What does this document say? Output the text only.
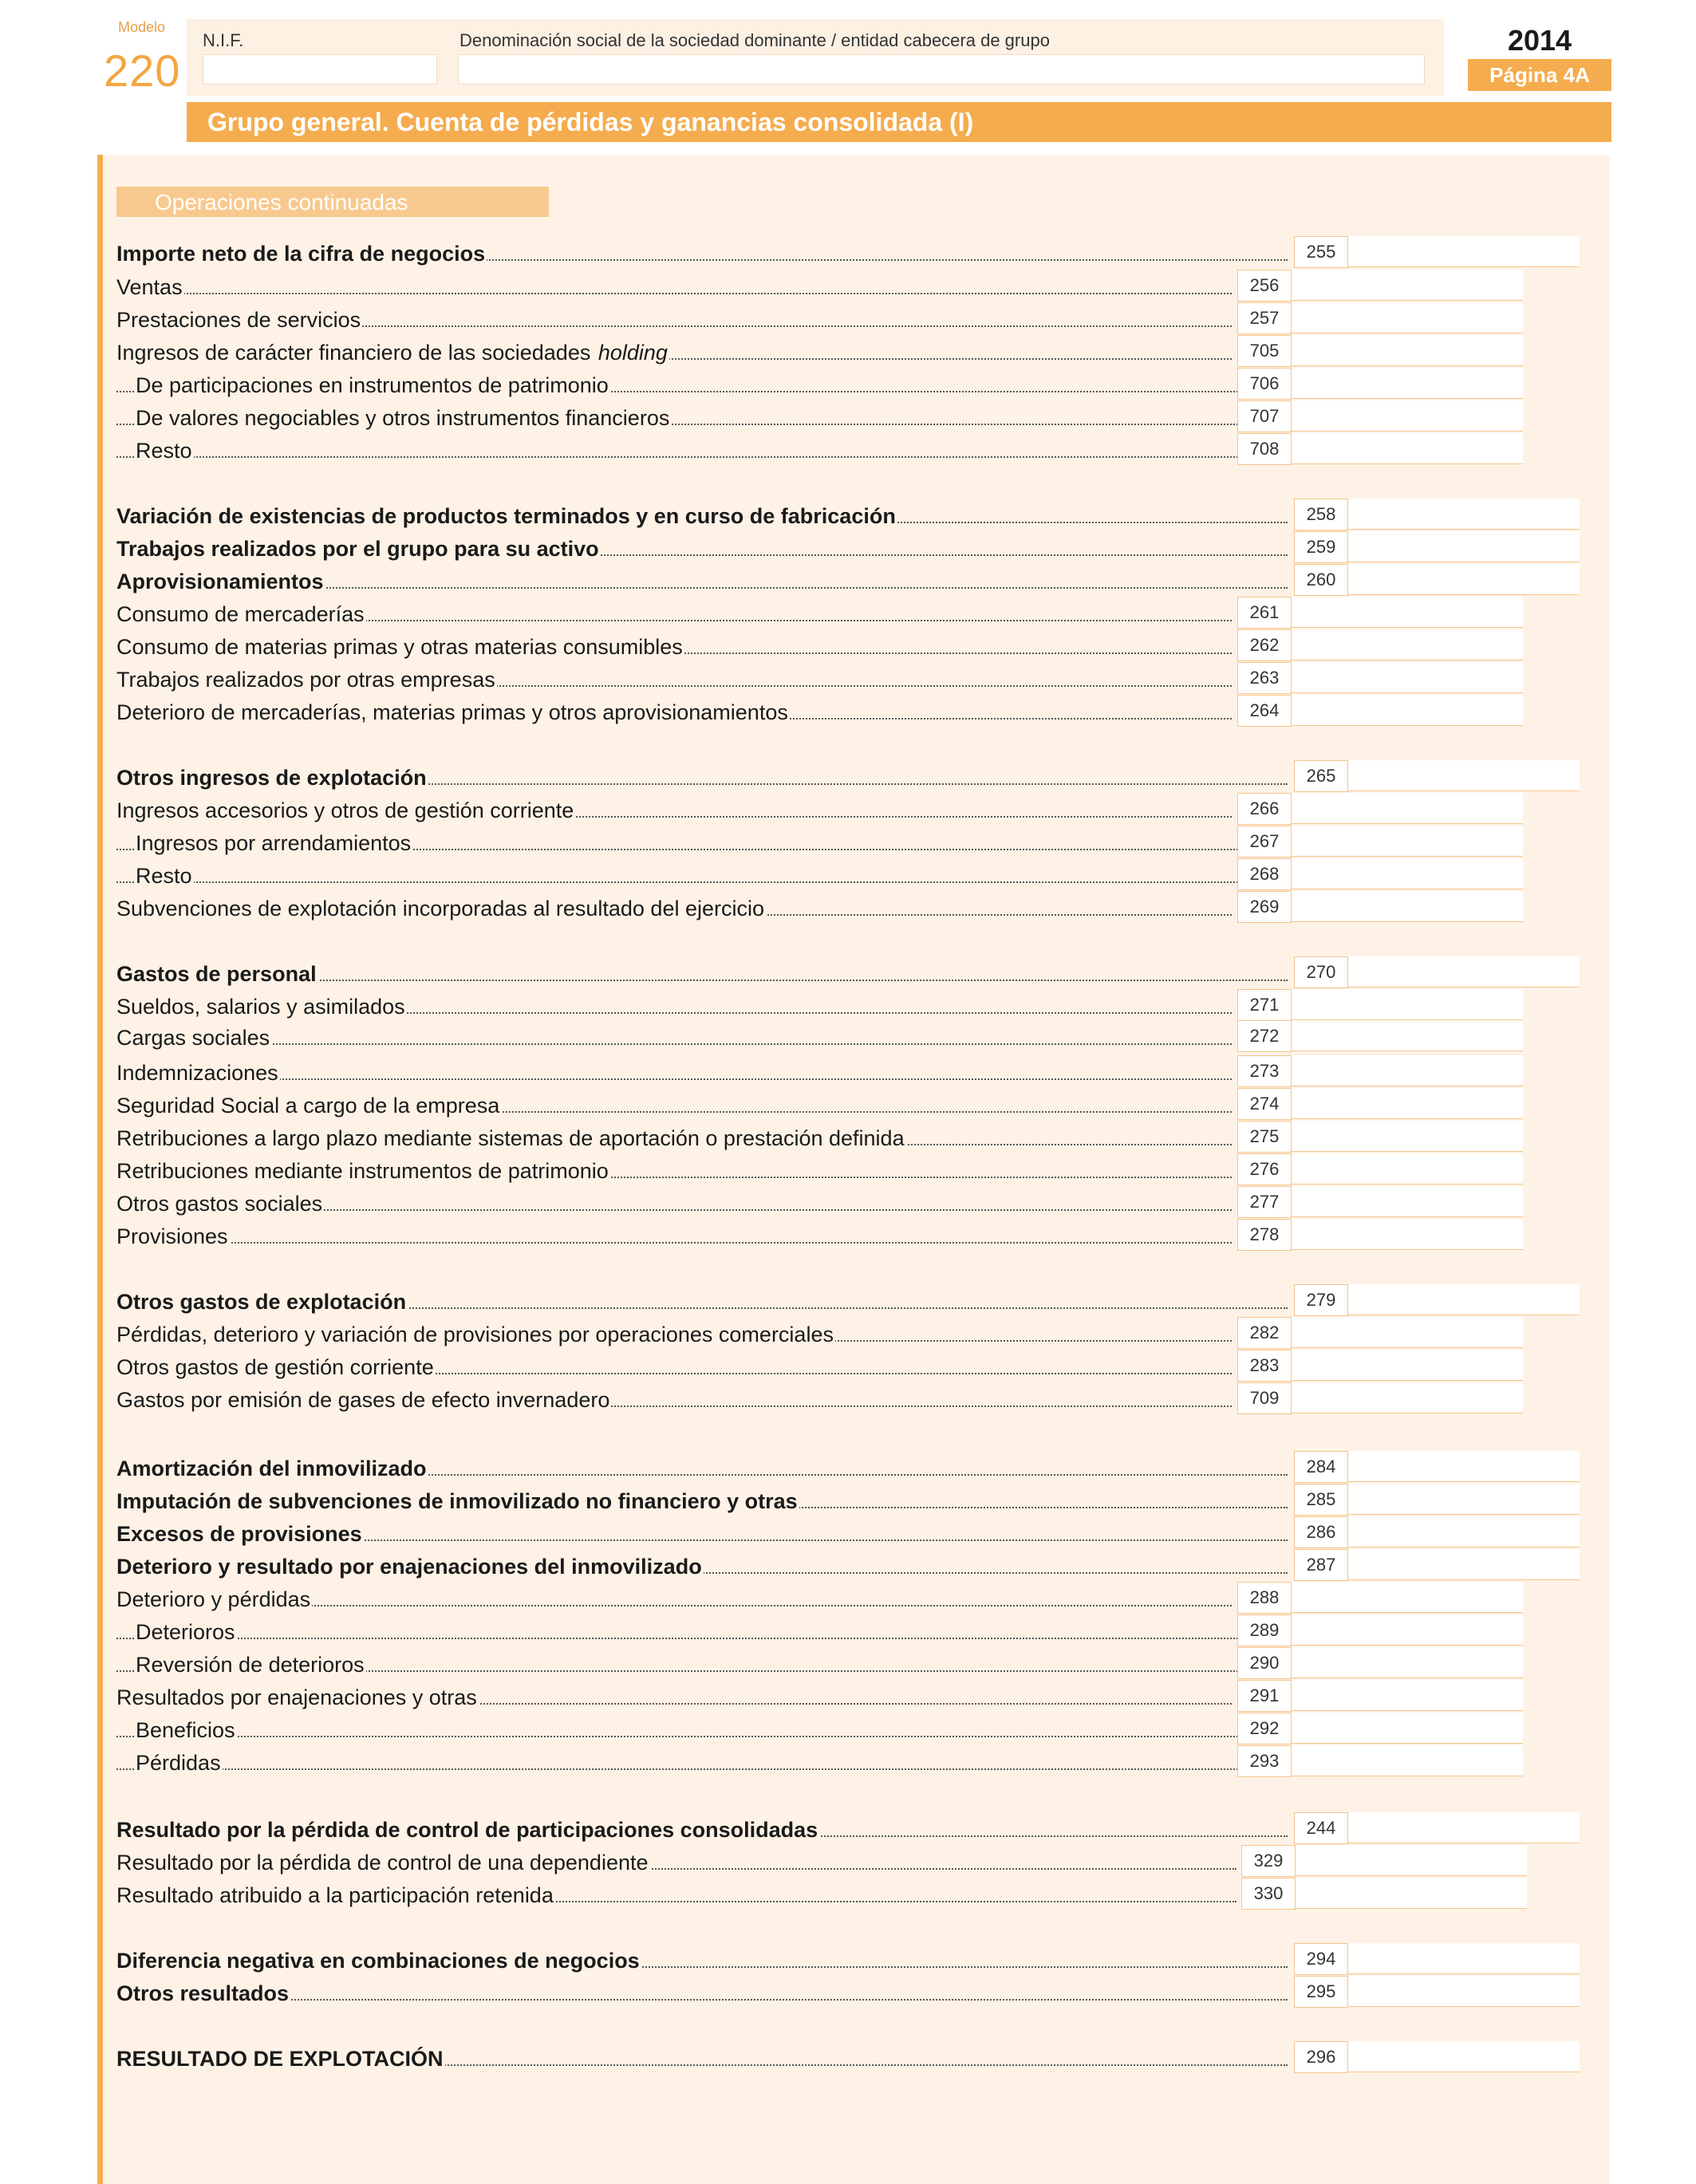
Modelo
220
N.I.F.	Denominación social de la sociedad dominante / entidad cabecera de grupo	2014
Página 4A
Grupo general. Cuenta de pérdidas y ganancias consolidada (I)
Operaciones continuadas
Importe neto de la cifra de negocios	255
Ventas	256
Prestaciones de servicios	257
Ingresos de carácter financiero de las sociedades holding	705
De participaciones en instrumentos de patrimonio	706
De valores negociables y otros instrumentos financieros	707
Resto	708
Variación de existencias de productos terminados y en curso de fabricación	258
Trabajos realizados por el grupo para su activo	259
Aprovisionamientos	260
Consumo de mercaderías	261
Consumo de materias primas y otras materias consumibles	262
Trabajos realizados por otras empresas	263
Deterioro de mercaderías, materias primas y otros aprovisionamientos	264
Otros ingresos de explotación	265
Ingresos accesorios y otros de gestión corriente	266
Ingresos por arrendamientos	267
Resto	268
Subvenciones de explotación incorporadas al resultado del ejercicio	269
Gastos de personal	270
Sueldos, salarios y asimilados	271
Cargas sociales	272
Indemnizaciones	273
Seguridad Social a cargo de la empresa	274
Retribuciones a largo plazo mediante sistemas de aportación o prestación definida	275
Retribuciones mediante instrumentos de patrimonio	276
Otros gastos sociales	277
Provisiones	278
Otros gastos de explotación	279
Pérdidas, deterioro y variación de provisiones por operaciones comerciales	282
Otros gastos de gestión corriente	283
Gastos por emisión de gases de efecto invernadero	709
Amortización del inmovilizado	284
Imputación de subvenciones de inmovilizado no financiero y otras	285
Excesos de provisiones	286
Deterioro y resultado por enajenaciones del inmovilizado	287
Deterioro y pérdidas	288
Deterioros	289
Reversión de deterioros	290
Resultados por enajenaciones y otras	291
Beneficios	292
Pérdidas	293
Resultado por la pérdida de control de participaciones consolidadas	244
Resultado por la pérdida de control de una dependiente	329
Resultado atribuido a la participación retenida	330
Diferencia negativa en combinaciones de negocios	294
Otros resultados	295
RESULTADO DE EXPLOTACIÓN	296
